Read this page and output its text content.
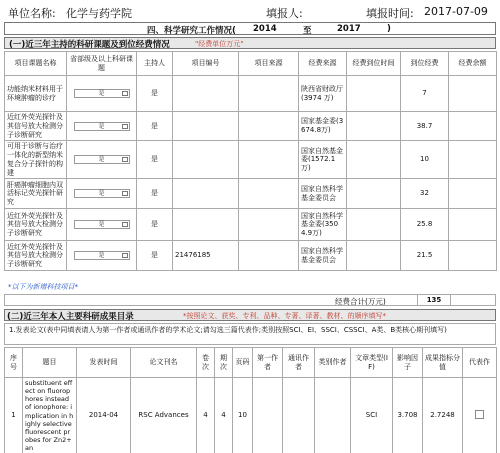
单位名称: 化学与药学院	填报人:	填报时间: 2017-07-09
四、科学研究工作情况( 2014	至	2017	)
(一)近三年主持的科研课题及到位经费情况	"经费单位万元"
项目课题名称	省部级及以上科研课题	主持人	项目编号	项目来源	经费来源	经费到位时间	到位经费	经费余额
功能纳米材料用于环境肿瘤的诊疗	是	是			陕西省财政厅(3974 万)		7	
近红外荧光探针及其信号放大检测分子诊断研究	是	是			国家基金委(3674.8万)		38.7	
可用于诊断与治疗一体化的新型纳米复合分子探针的构建	是	是			国家自然基金委(1572.1万)		10	
肝癌肿瘤细胞内双活标记荧光探针研究	是	是			国家自然科学基金委员会		32	
近红外荧光探针及其信号放大检测分子诊断研究	是	是			国家自然科学基金委(3504.9万)		25.8	
近红外荧光探针及其信号放大检测分子诊断研究	是	是	21476185		国家自然科学基金委员会		21.5	
*以下为新增科技项目*
经费合计(万元)	135
(二)近三年本人主要科研成果目录	*按照论文、获奖、专利、品种、专著、译著、教材、的顺序填写*
1.发表论文(表中同填表请人为第一作者或通讯作者的学术论文;请勾选三篇代表作;类别按照SCI、EI、SSCI、CSSCI、A类、B类核心期刊填写)
序号	题目	发表时间	论文刊名	卷次	期次	页码	第一作者	通讯作者	类别作者	文章类型(IF)	影响因子	成果指标分值	代表作
1	substituent effect on fluorophores instead of ionophore: implication in highly selective fluorescent probes for Zn2+ an	2014-04	RSC Advances	4	4	10				SCI	3.708	2.7248	
